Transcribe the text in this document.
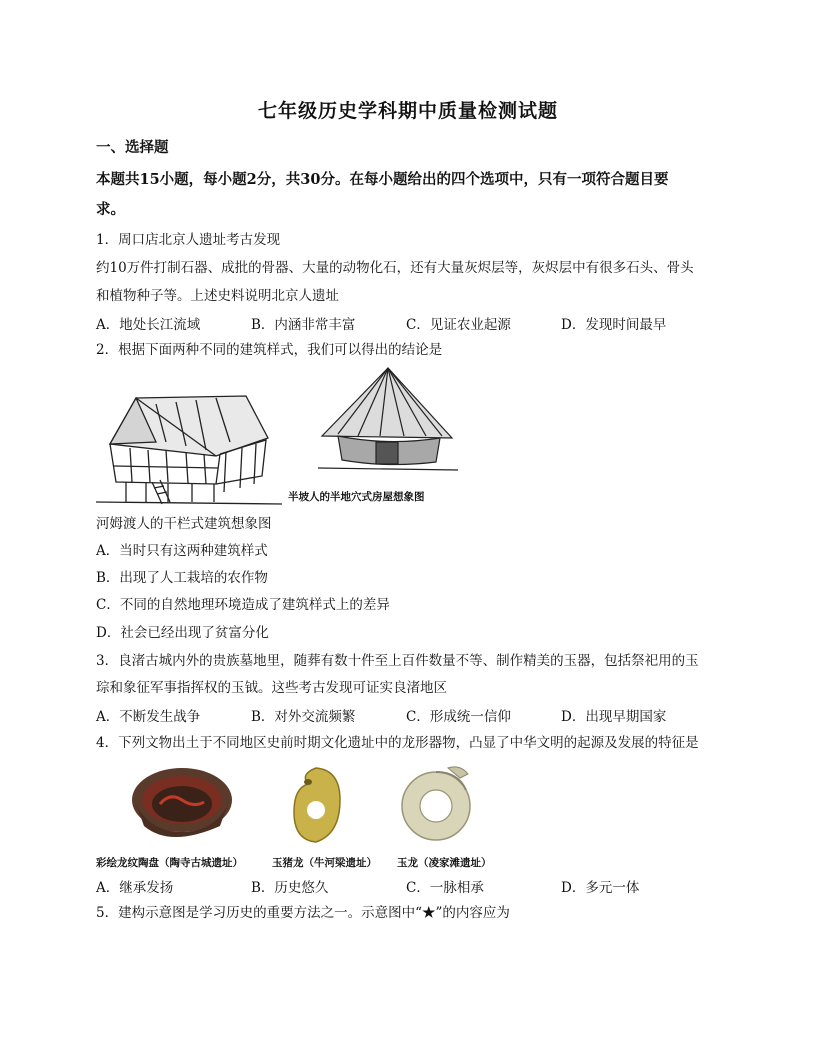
七年级历史学科期中质量检测试题
一、选择题
本题共15小题，每小题2分，共30分。在每小题给出的四个选项中，只有一项符合题目要
求。
1．周口店北京人遗址考古发现
约10万件打制石器、成批的骨器、大量的动物化石，还有大量灰烬层等，灰烬层中有很多石头、骨头
和植物种子等。上述史料说明北京人遗址
A．地处长江流域	B．内涵非常丰富	C．见证农业起源	D．发现时间最早
2．根据下面两种不同的建筑样式，我们可以得出的结论是
半坡人的半地穴式房屋想象图
河姆渡人的干栏式建筑想象图
A．当时只有这两种建筑样式
B．出现了人工栽培的农作物
C．不同的自然地理环境造成了建筑样式上的差异
D．社会已经出现了贫富分化
3．良渚古城内外的贵族墓地里，随葬有数十件至上百件数量不等、制作精美的玉器，包括祭祀用的玉
琮和象征军事指挥权的玉钺。这些考古发现可证实良渚地区
A．不断发生战争	B．对外交流频繁	C．形成统一信仰	D．出现早期国家
4．下列文物出土于不同地区史前时期文化遗址中的龙形器物，凸显了中华文明的起源及发展的特征是
彩绘龙纹陶盘（陶寺古城遗址）	玉猪龙（牛河梁遗址） 玉龙（凌家滩遗址）
A．继承发扬	B．历史悠久	C．一脉相承	D．多元一体
5．建构示意图是学习历史的重要方法之一。示意图中“★”的内容应为
